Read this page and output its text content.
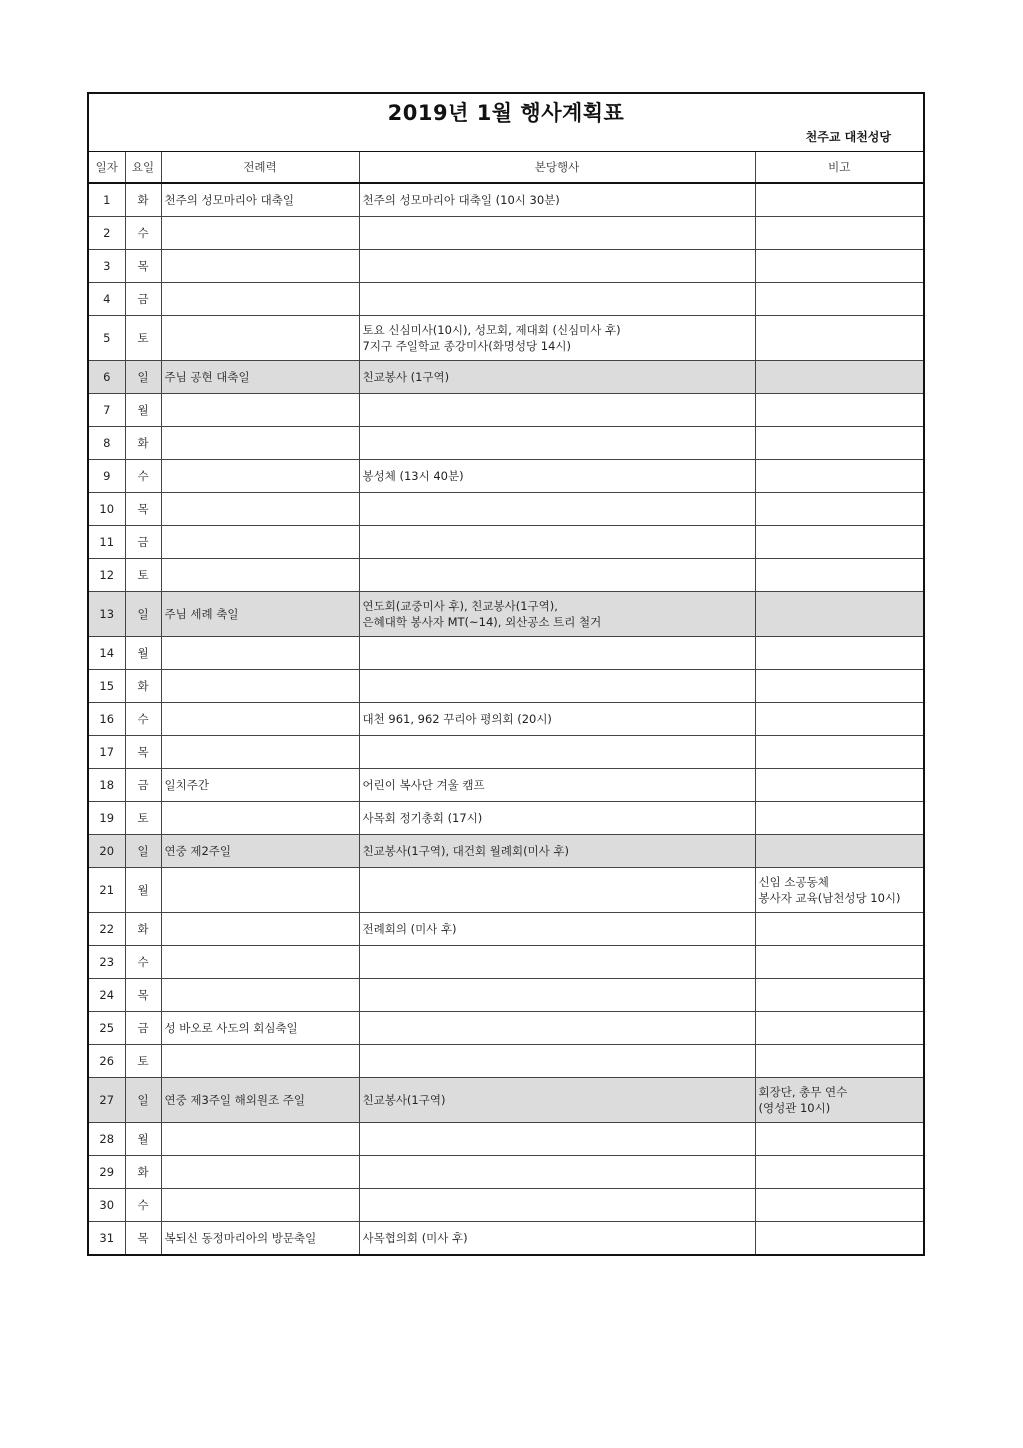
2019년 1월 행사계획표
천주교 대천성당
일자	요일	전례력	본당행사	비고
1	화	천주의 성모마리아 대축일	천주의 성모마리아 대축일 (10시 30분)	

2	수			
3	목			
4	금			
5	토		토요 신심미사(10시), 성모회, 제대회 (신심미사 후)
7지구 주일학교 종강미사(화명성당 14시)	

6	일	주님 공현 대축일	친교봉사 (1구역)	

7	월			
8	화			
9	수		봉성체 (13시 40분)	

10	목			
11	금			
12	토			
13	일	주님 세례 축일	연도회(교중미사 후), 친교봉사(1구역),
은혜대학 봉사자 MT(~14), 외산공소 트리 철거	

14	월			
15	화			
16	수		대천 961, 962 꾸리아 평의회 (20시)	

17	목			
18	금	일치주간	어린이 복사단 겨울 캠프	

19	토		사목회 정기총회 (17시)	

20	일	연중 제2주일	친교봉사(1구역), 대건회 월례회(미사 후)	

21	월			신임 소공동체
봉사자 교육(남천성당 10시)

22	화		전례회의 (미사 후)	

23	수			
24	목			
25	금	성 바오로 사도의 회심축일		
26	토			
27	일	연중 제3주일 해외원조 주일	친교봉사(1구역)	회장단, 총무 연수
(영성관 10시)

28	월			
29	화			
30	수			
31	목	복되신 동정마리아의 방문축일	사목협의회 (미사 후)	
